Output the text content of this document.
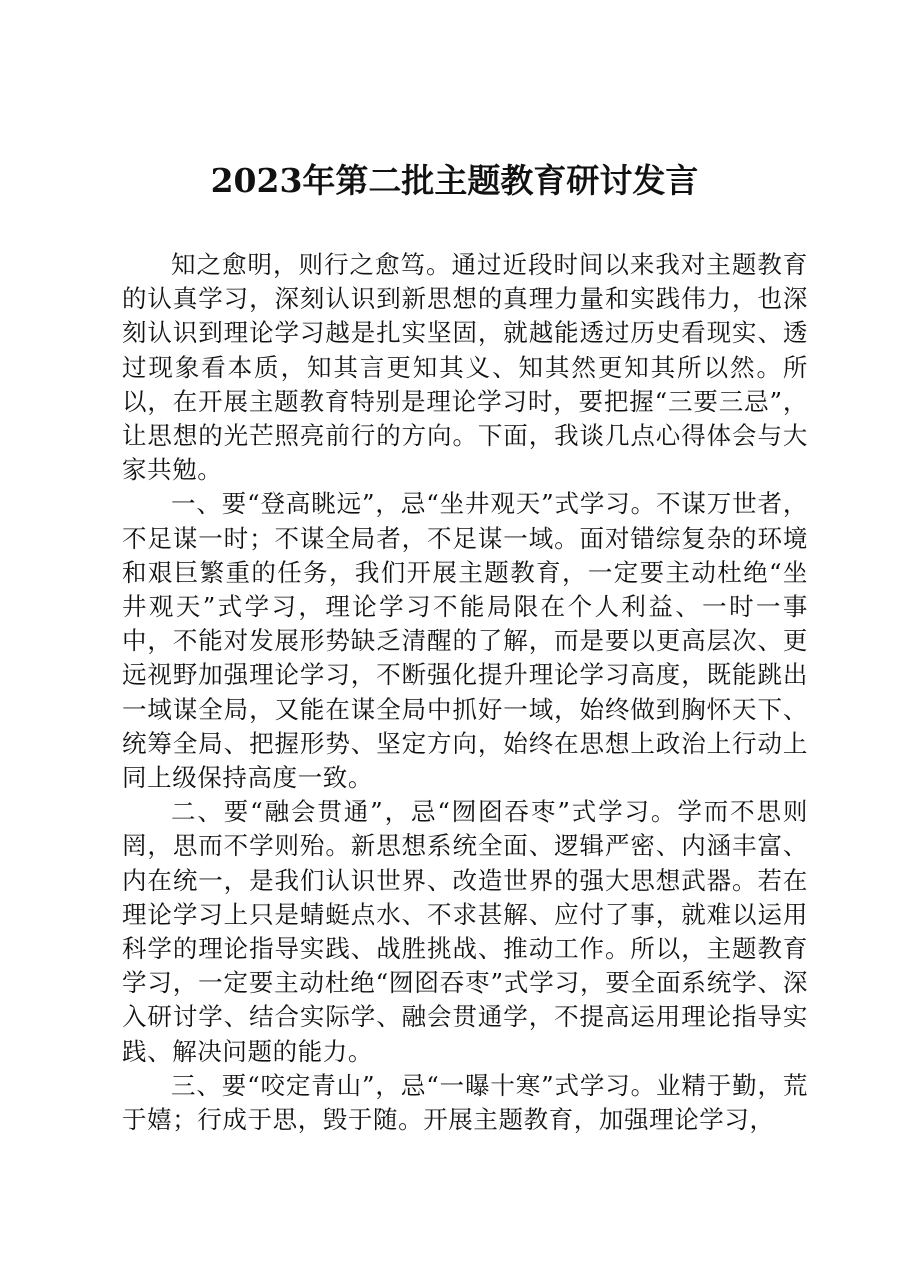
2023年第二批主题教育研讨发言

知之愈明，则行之愈笃。通过近段时间以来我对主题教育的认真学习，深刻认识到新思想的真理力量和实践伟力，也深刻认识到理论学习越是扎实坚固，就越能透过历史看现实、透过现象看本质，知其言更知其义、知其然更知其所以然。所以，在开展主题教育特别是理论学习时，要把握“三要三忌”，让思想的光芒照亮前行的方向。下面，我谈几点心得体会与大家共勉。

一、要“登高眺远”，忌“坐井观天”式学习。不谋万世者，不足谋一时；不谋全局者，不足谋一域。面对错综复杂的环境和艰巨繁重的任务，我们开展主题教育，一定要主动杜绝“坐井观天”式学习，理论学习不能局限在个人利益、一时一事中，不能对发展形势缺乏清醒的了解，而是要以更高层次、更远视野加强理论学习，不断强化提升理论学习高度，既能跳出一域谋全局，又能在谋全局中抓好一域，始终做到胸怀天下、统筹全局、把握形势、坚定方向，始终在思想上政治上行动上同上级保持高度一致。

二、要“融会贯通”，忌“囫囵吞枣”式学习。学而不思则罔，思而不学则殆。新思想系统全面、逻辑严密、内涵丰富、内在统一，是我们认识世界、改造世界的强大思想武器。若在理论学习上只是蜻蜓点水、不求甚解、应付了事，就难以运用科学的理论指导实践、战胜挑战、推动工作。所以，主题教育学习，一定要主动杜绝“囫囵吞枣”式学习，要全面系统学、深入研讨学、结合实际学、融会贯通学，不提高运用理论指导实践、解决问题的能力。

三、要“咬定青山”，忌“一曝十寒”式学习。业精于勤，荒于嬉；行成于思，毁于随。开展主题教育，加强理论学习，
